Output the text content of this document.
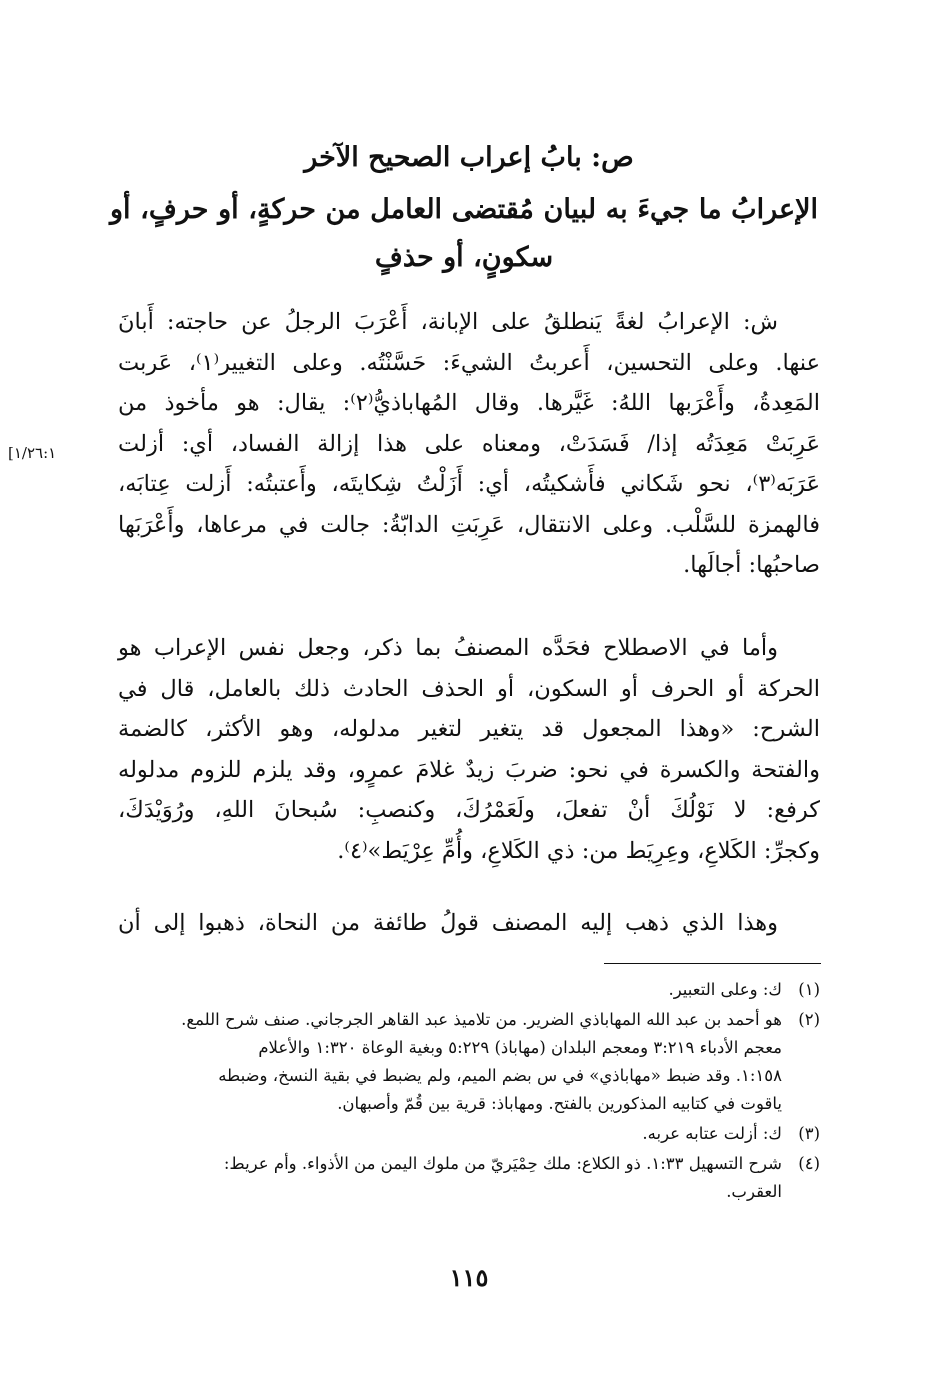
ص: بابُ إعراب الصحيح الآخر
الإعرابُ ما جيءَ به لبيان مُقتضى العامل من حركةٍ، أو حرفٍ، أو
سكونٍ، أو حذفٍ
ش: الإعرابُ لغةً يَنطلقُ على الإبانة، أَعْرَبَ الرجلُ عن حاجته: أَبانَ
عنها. وعلى التحسين، أَعربتُ الشيءَ: حَسَّنْتُه. وعلى التغيير⁽١⁾، عَربت
المَعِدةُ، وأَعْرَبها اللهُ: غَيَّرها. وقال المُهاباذيُّ⁽٢⁾: يقال: هو مأخوذ من
عَرِبَتْ مَعِدَتُه إذا/ فَسَدَتْ، ومعناه على هذا إزالة الفساد، أي: أزلت
عَرَبَه⁽٣⁾، نحو شَكاني فأَشكيتُه، أي: أَزَلْتُ شِكايتَه، وأَعتبتُه: أَزلت عِتابَه،
فالهمزة للسَّلْب. وعلى الانتقال، عَرِبَتِ الدابّةُ: جالت في مرعاها، وأَعْرَبَها
صاحبُها: أجالَها.
[١/٢٦:١
وأما في الاصطلاح فحَدَّه المصنفُ بما ذكر، وجعل نفس الإعراب هو
الحركة أو الحرف أو السكون، أو الحذف الحادث ذلك بالعامل، قال في
الشرح: «وهذا المجعول قد يتغير لتغير مدلوله، وهو الأكثر، كالضمة
والفتحة والكسرة في نحو: ضربَ زيدٌ غلامَ عمرٍو، وقد يلزم للزوم مدلوله
كرفع: لا نَوْلُكَ أنْ تفعلَ، ولَعَمْرُكَ، وكنصبِ: سُبحانَ اللهِ، ورُوَيْدَكَ،
وكجرِّ: الكَلاعِ، وعِرِيَط من: ذي الكَلاعِ، وأُمِّ عِرْيَط»⁽٤⁾.
وهذا الذي ذهب إليه المصنف قولُ طائفة من النحاة، ذهبوا إلى أن
(١)
ك: وعلى التعبير.
(٢)
هو أحمد بن عبد الله المهاباذي الضرير. من تلاميذ عبد القاهر الجرجاني. صنف شرح اللمع.
معجم الأدباء ٣:٢١٩ ومعجم البلدان (مهاباذ) ٥:٢٢٩ وبغية الوعاة ١:٣٢٠ والأعلام
١:١٥٨. وقد ضبط «مهاباذي» في س بضم الميم، ولم يضبط في بقية النسخ، وضبطه
ياقوت في كتابيه المذكورين بالفتح. ومهاباذ: قرية بين قُمّ وأصبهان.
(٣)
ك: أزلت عتابه عربه.
(٤)
شرح التسهيل ١:٣٣. ذو الكلاع: ملك حِمْيَريّ من ملوك اليمن من الأذواء. وأم عريط:
العقرب.
١١٥
